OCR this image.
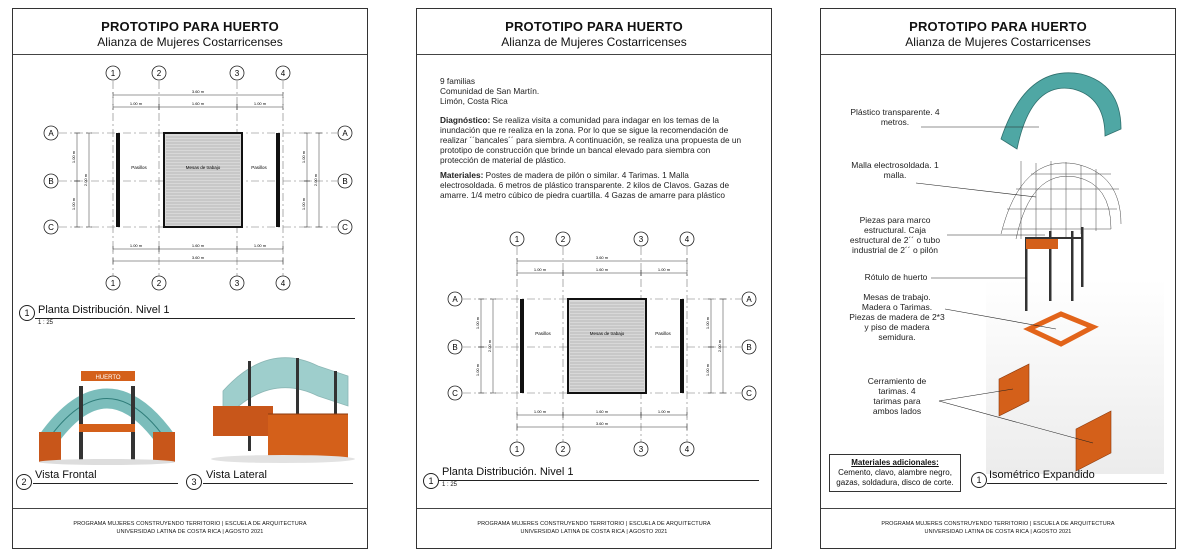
PROTOTIPO PARA HUERTO
Alianza de Mujeres Costarricenses
1
1
2
2
3
3
4
4
A	A
B	B
C	C
Mesas de trabajo
Pasillos	Pasillos
3.60 m
1.00 m	1.60 m	1.00 m
1.00 m	1.60 m	1.00 m
3.60 m
1.00 m
1.00 m
2.00 m
1.00 m
1.00 m
2.00 m
1 Planta Distribución. Nivel 1
1 : 25
HUERTO
2
Vista Frontal
3
Vista Lateral
PROGRAMA MUJERES CONSTRUYENDO TERRITORIO | ESCUELA DE ARQUITECTURA
UNIVERSIDAD LATINA DE COSTA RICA | AGOSTO 2021
PROTOTIPO PARA HUERTO
Alianza de Mujeres Costarricenses
9 familias
Comunidad de San Martín.
Limón, Costa Rica
Diagnóstico: Se realiza visita a comunidad para indagar en los temas de la
inundación que re realiza en la zona. Por lo que se sigue la recomendación de
realizar ´´bancales´´ para siembra. A continuación, se realiza una propuesta de un
prototipo de construcción que brinde un bancal elevado para siembra con
protección de material de plástico.
Materiales: Postes de madera de pilón o similar. 4 Tarimas. 1 Malla
electrosoldada. 6 metros de plástico transparente. 2 kilos de Clavos. Gazas de
amarre. 1/4 metro cúbico de piedra cuartilla. 4 Gazas de amarre para plástico
1
1
2
2
3
3
4
4
A	A
B	B
C	C
Mesas de trabajo
Pasillos	Pasillos
3.60 m
1.00 m	1.60 m	1.00 m
1.00 m	1.60 m	1.00 m
3.60 m
1.00 m
1.00 m
2.00 m
1.00 m
1.00 m
2.00 m
1
Planta Distribución. Nivel 1
1 : 25
PROGRAMA MUJERES CONSTRUYENDO TERRITORIO | ESCUELA DE ARQUITECTURA
UNIVERSIDAD LATINA DE COSTA RICA | AGOSTO 2021
PROTOTIPO PARA HUERTO
Alianza de Mujeres Costarricenses
Plástico transparente. 4
metros.
Malla electrosoldada. 1
malla.
Piezas para marco
estructural. Caja
estructural de 2´´ o tubo
industrial de 2´´ o pilón
Rótulo de huerto
Mesas de trabajo.
Madera o Tarimas.
Piezas de madera de 2*3
y piso de madera
semidura.
Cerramiento de
tarimas. 4
tarimas para
ambos lados
Materiales adicionales:
Cemento, clavo, alambre negro,
gazas, soldadura, disco de corte.	1 Isométrico Expandido
PROGRAMA MUJERES CONSTRUYENDO TERRITORIO | ESCUELA DE ARQUITECTURA
UNIVERSIDAD LATINA DE COSTA RICA | AGOSTO 2021
